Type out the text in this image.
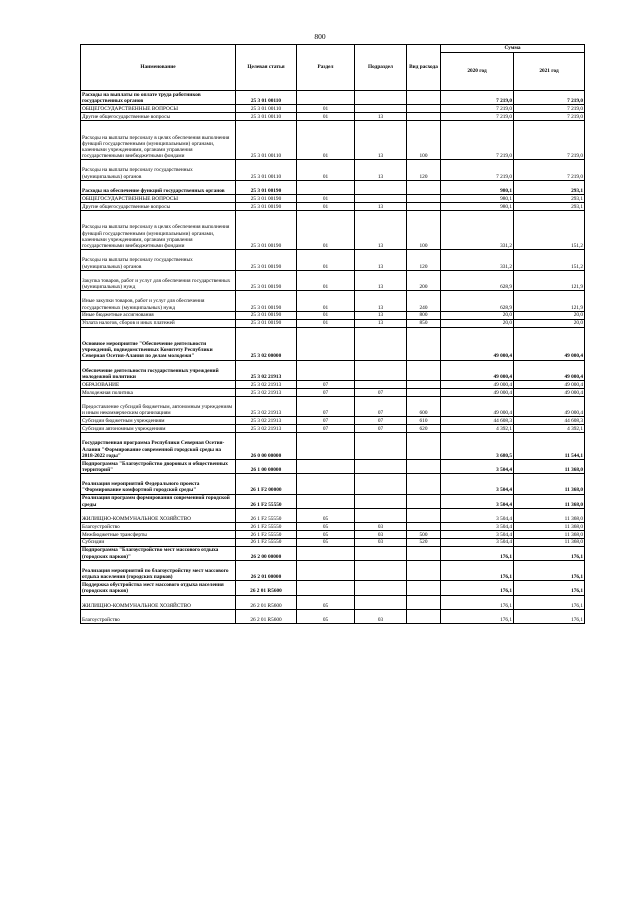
800
Наименование	Целевая статья	Раздел	Подраздел	Вид расхода	Сумма	
					2020 год	2021 год
Расходы на выплаты по оплате труда работников государственных органов	25 3 01 00110				7 219,0	7 219,0
ОБЩЕГОСУДАРСТВЕННЫЕ ВОПРОСЫ	25 3 01 00110	01			7 219,0	7 219,0
Другие общегосударственные вопросы	25 3 01 00110	01	13		7 219,0	7 219,0
Расходы на выплаты персоналу в целях обеспечения выполнения функций государственными (муниципальными) органами, казенными учреждениями, органами управления государственными внебюджетными фондами	25 3 01 00110	01	13	100	7 219,0	7 219,0
Расходы на выплаты персоналу государственных (муниципальных) органов	25 3 01 00110	01	13	120	7 219,0	7 219,0
Расходы на обеспечение функций государственных органов	25 3 01 00190				980,1	293,1
ОБЩЕГОСУДАРСТВЕННЫЕ ВОПРОСЫ	25 3 01 00190	01			980,1	293,1
Другие общегосударственные вопросы	25 3 01 00190	01	13		980,1	293,1
Расходы на выплаты персоналу в целях обеспечения выполнения функций государственными (муниципальными) органами, казенными учреждениями, органами управления государственными внебюджетными фондами	25 3 01 00190	01	13	100	331,2	151,2
Расходы на выплаты персоналу государственных (муниципальных) органов	25 3 01 00190	01	13	120	331,2	151,2
Закупка товаров, работ и услуг для обеспечения государственных (муниципальных) нужд	25 3 01 00190	01	13	200	628,9	121,9
Иные закупки товаров, работ и услуг для обеспечения государственных (муниципальных) нужд	25 3 01 00190	01	13	240	628,9	121,9
Иные бюджетные ассигнования	25 3 01 00190	01	13	800	20,0	20,0
Уплата налогов, сборов и иных платежей	25 3 01 00190	01	13	850	20,0	20,0
Основное мероприятие "Обеспечение деятельности учреждений, подведомственных Комитету Республики Северная Осетия-Алания по делам молодежи"	25 3 02 00000				49 000,4	49 000,4
Обеспечение деятельности государственных учреждений молодежной политики	25 3 02 21913				49 000,4	49 000,4
ОБРАЗОВАНИЕ	25 3 02 21913	07			49 000,4	49 000,4
Молодежная политика	25 3 02 21913	07	07		49 000,4	49 000,4
Предоставление субсидий бюджетным, автономным учреждениям и иным некоммерческим организациям	25 3 02 21913	07	07	600	49 000,4	49 000,4
Субсидии бюджетным учреждениям	25 3 02 21913	07	07	610	44 608,3	44 608,3
Субсидии автономным учреждениям	25 3 02 21913	07	07	620	4 392,1	4 392,1
Государственная программа Республики Северная Осетия-Алания "Формирование современной городской среды на 2018-2022 годы"	26 0 00 00000				3 680,5	11 544,1
Подпрограмма "Благоустройство дворовых и общественных территорий"	26 1 00 00000				3 504,4	11 368,0
Реализация мероприятий Федерального проекта "Формирование комфортной городской среды"	26 1 F2 00000				3 504,4	11 368,0
Реализация программ формирования современной городской среды	26 1 F2 55550				3 504,4	11 368,0
ЖИЛИЩНО-КОММУНАЛЬНОЕ ХОЗЯЙСТВО	26 1 F2 55550	05			3 504,4	11 368,0
Благоустройство	26 1 F2 55550	05	03		3 504,4	11 368,0
Межбюджетные трансферты	26 1 F2 55550	05	03	500	3 504,4	11 368,0
Субсидии	26 1 F2 55550	05	03	520	3 504,4	11 368,0
Подпрограмма "Благоустройство мест массового отдыха (городских парков)"	26 2 00 00000				176,1	176,1
Реализация мероприятий по благоустройству мест массового отдыха населения (городских парков)	26 2 01 00000				176,1	176,1
Поддержка обустройства мест массового отдыха населения (городских парков)	26 2 01 R5600				176,1	176,1
ЖИЛИЩНО-КОММУНАЛЬНОЕ ХОЗЯЙСТВО	26 2 01 R5600	05			176,1	176,1
Благоустройство	26 2 01 R5600	05	03		176,1	176,1
